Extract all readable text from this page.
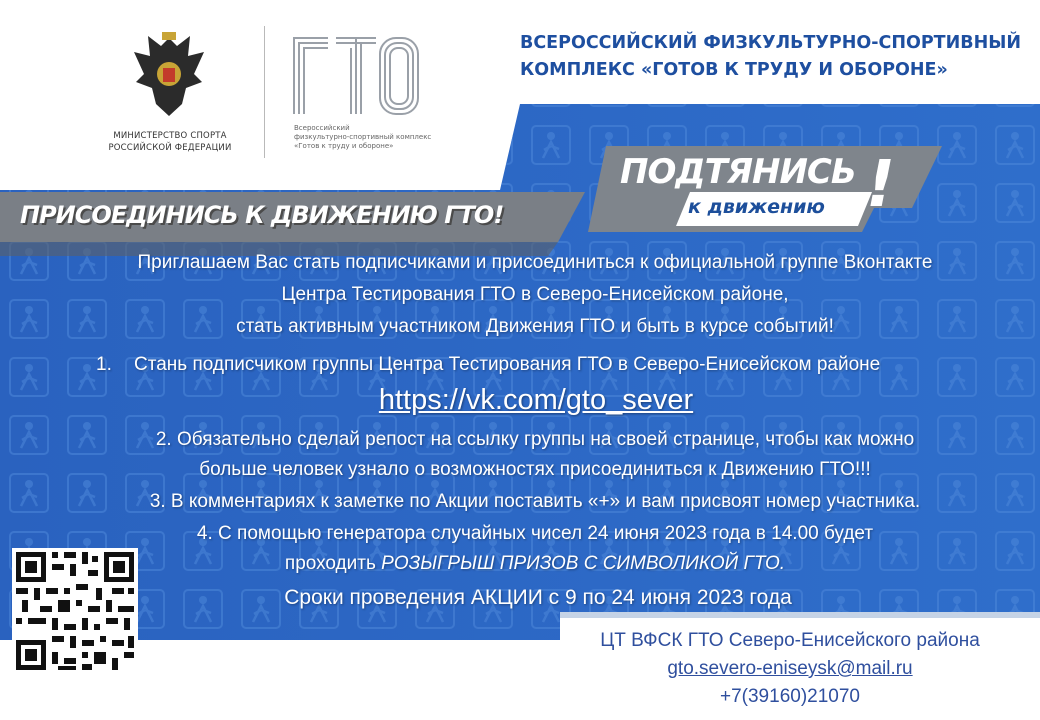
МИНИСТЕРСТВО СПОРТА
РОССИЙСКОЙ ФЕДЕРАЦИИ
Всероссийский
физкультурно-спортивный комплекс
«Готов к труду и обороне»
ВСЕРОССИЙСКИЙ ФИЗКУЛЬТУРНО-СПОРТИВНЫЙ
КОМПЛЕКС «ГОТОВ К ТРУДУ И ОБОРОНЕ»
ПРИСОЕДИНИСЬ К ДВИЖЕНИЮ ГТО!
ПОДТЯНИСЬ
к движению !
Приглашаем Вас стать подписчиками и присоединиться к официальной группе Вконтакте
Центра Тестирования ГТО в Северо-Енисейском районе,
стать активным участником Движения ГТО и быть в курсе событий!
1. Стань подписчиком группы Центра Тестирования ГТО в Северо-Енисейском районе
https://vk.com/gto_sever
2. Обязательно сделай репост на ссылку группы на своей странице, чтобы как можно
больше человек узнало о возможностях присоединиться к Движению ГТО!!!
3. В комментариях к заметке по Акции поставить «+» и вам присвоят номер участника.
4. С помощью генератора случайных чисел 24 июня 2023 года в 14.00 будет
проходить РОЗЫГРЫШ ПРИЗОВ С СИМВОЛИКОЙ ГТО.
Сроки проведения АКЦИИ с 9 по 24 июня 2023 года
ЦТ ВФСК ГТО Северо-Енисейского района
gto.severo-eniseysk@mail.ru
+7(39160)21070
